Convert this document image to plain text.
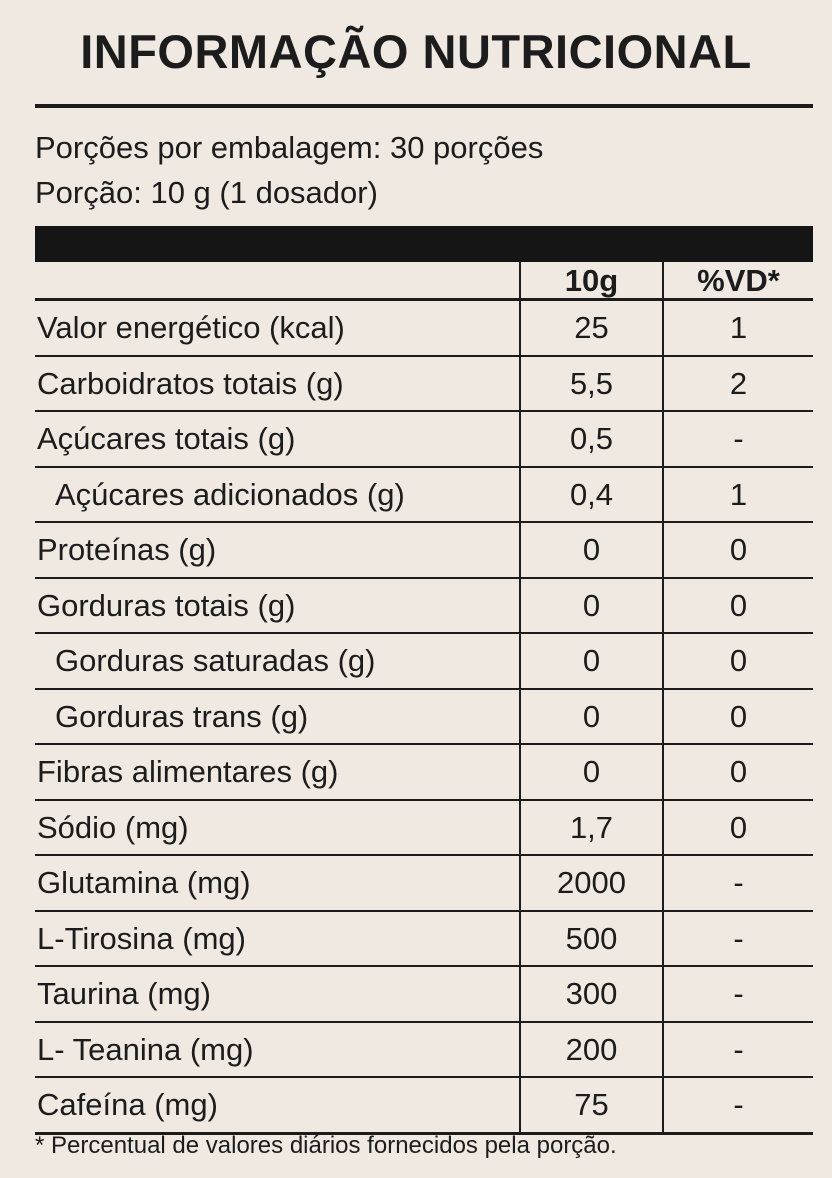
INFORMAÇÃO NUTRICIONAL
Porções por embalagem: 30 porções
Porção: 10 g (1 dosador)
	10g	%VD*
Valor energético (kcal)	25	1
Carboidratos totais (g)	5,5	2
Açúcares totais (g)	0,5	-
Açúcares adicionados (g)	0,4	1
Proteínas (g)	0	0
Gorduras totais (g)	0	0
Gorduras saturadas (g)	0	0
Gorduras trans (g)	0	0
Fibras alimentares (g)	0	0
Sódio (mg)	1,7	0
Glutamina (mg)	2000	-
L-Tirosina (mg)	500	-
Taurina (mg)	300	-
L- Teanina (mg)	200	-
Cafeína (mg)	75	-
* Percentual de valores diários fornecidos pela porção.
